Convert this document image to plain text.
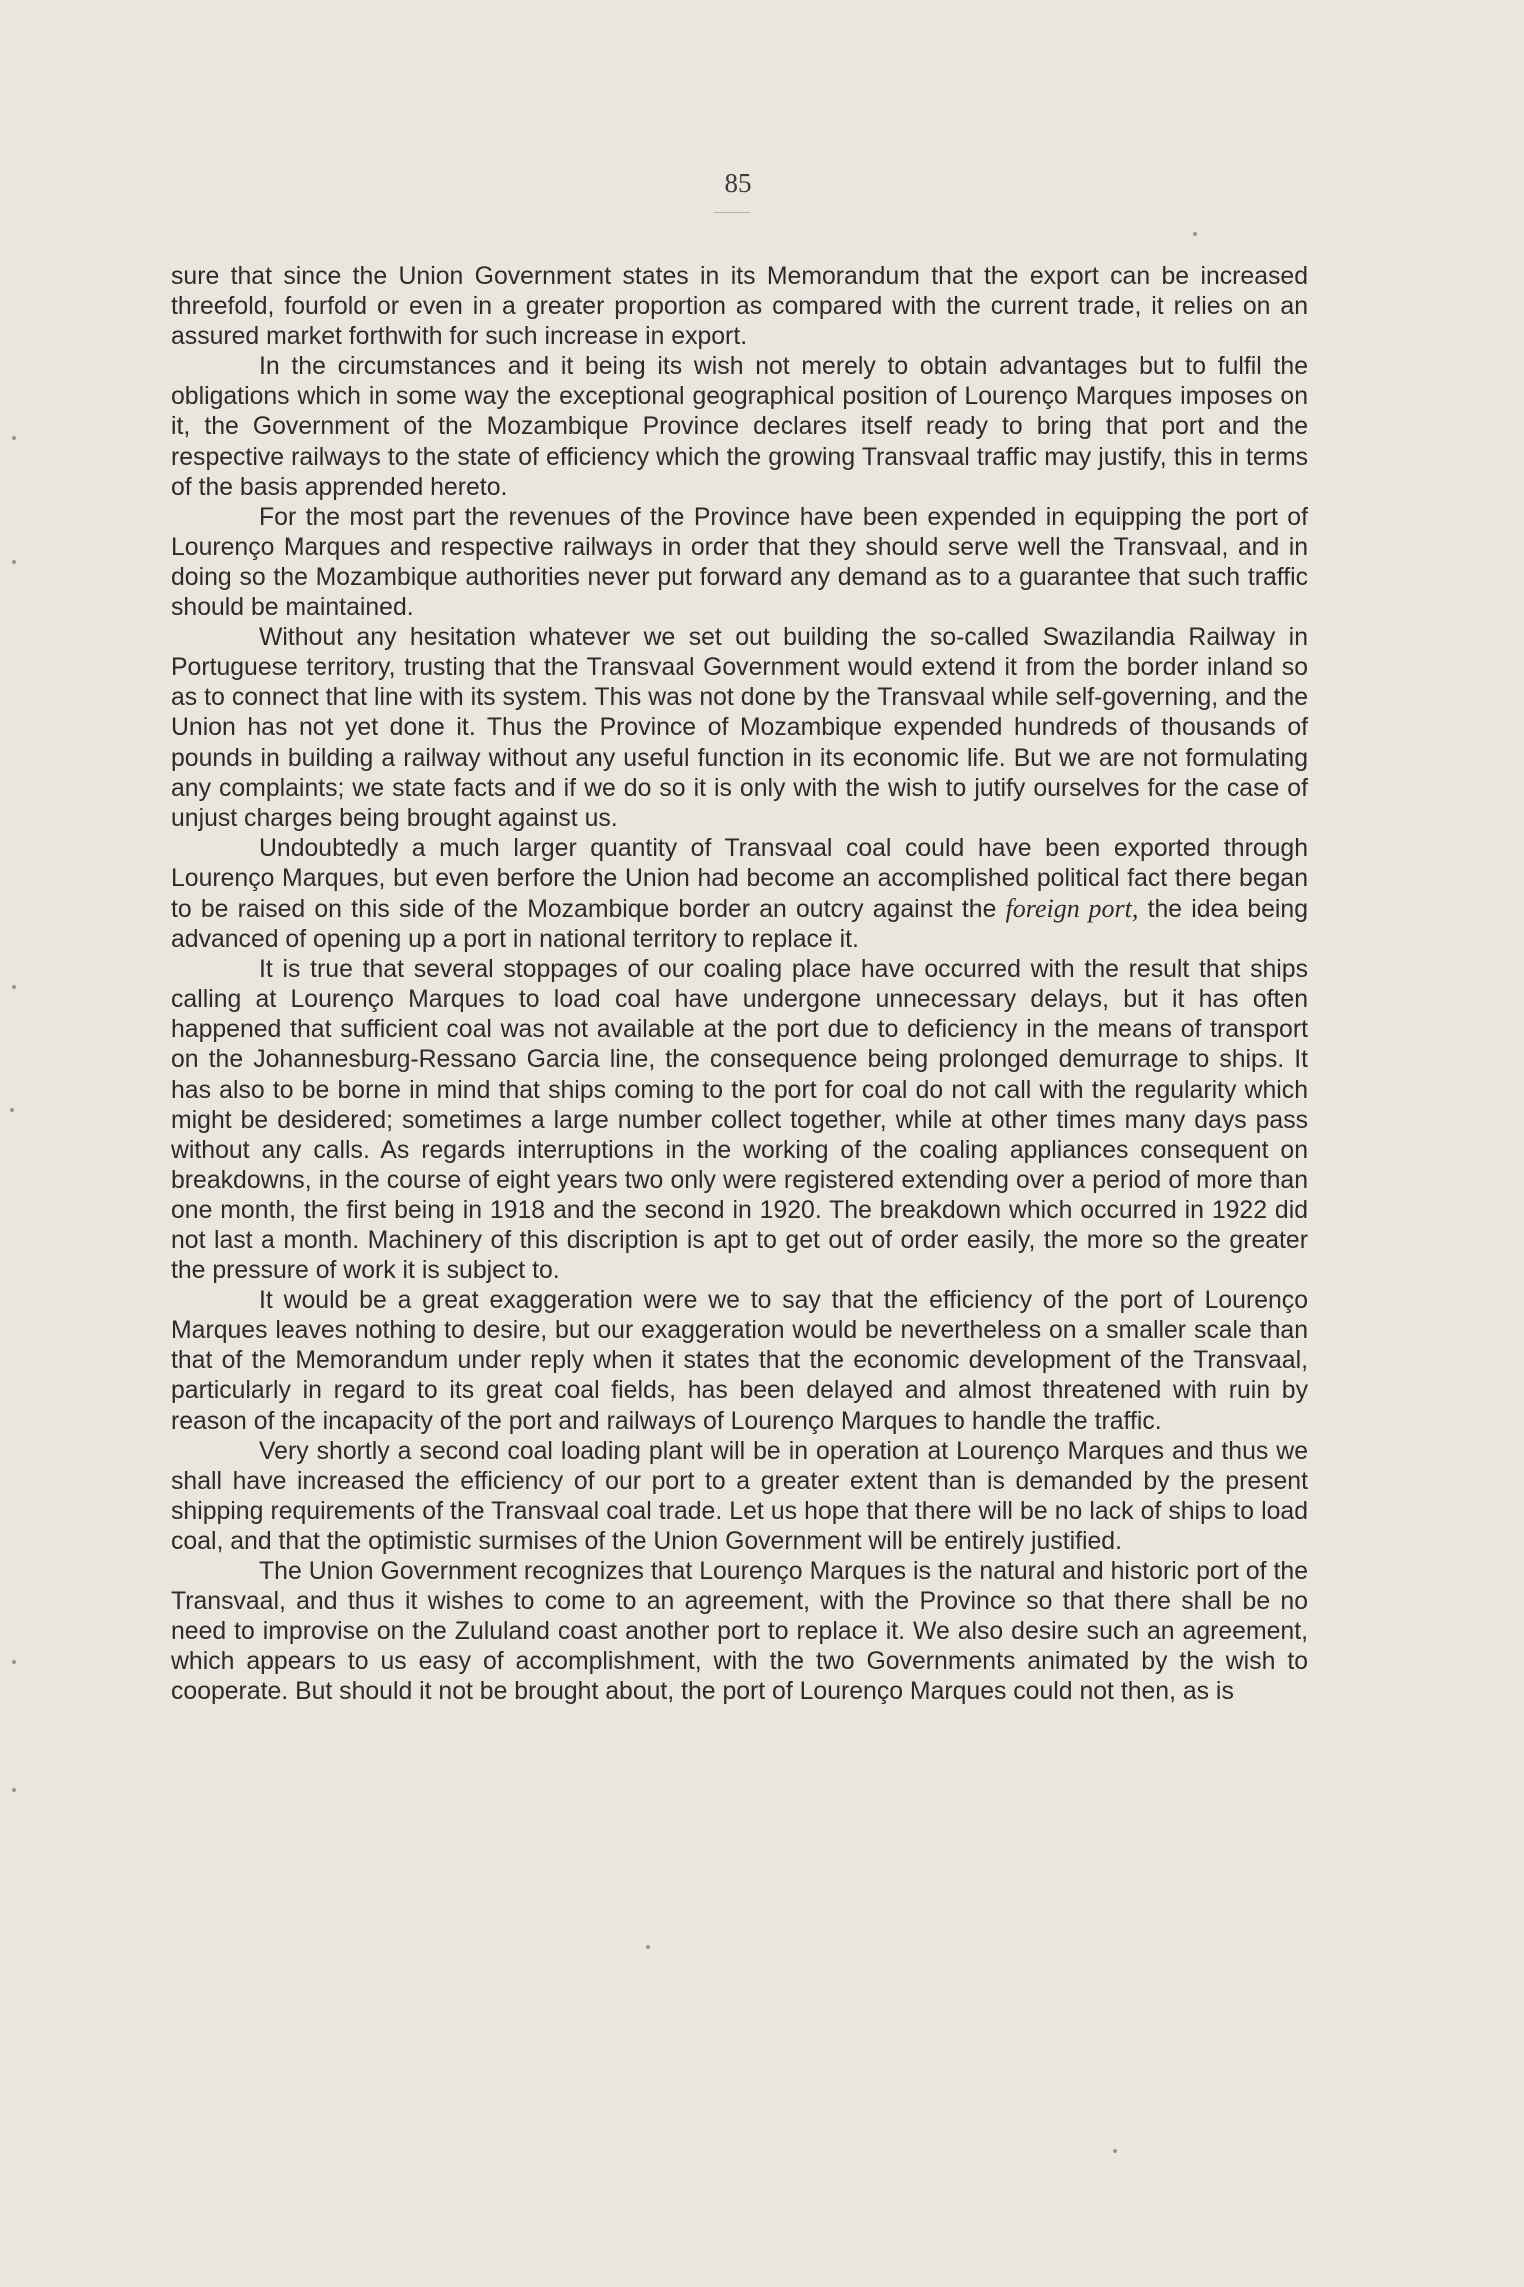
85

sure that since the Union Government states in its Memorandum that the export can be increased threefold, fourfold or even in a greater proportion as compared with the current trade, it relies on an assured market forthwith for such increase in export.

In the circumstances and it being its wish not merely to obtain advantages but to fulfil the obligations which in some way the exceptional geographical position of Lourenço Marques imposes on it, the Government of the Mozambique Province declares itself ready to bring that port and the respective railways to the state of efficiency which the growing Transvaal traffic may justify, this in terms of the basis apprended hereto.

For the most part the revenues of the Province have been expended in equipping the port of Lourenço Marques and respective railways in order that they should serve well the Transvaal, and in doing so the Mozambique authorities never put forward any demand as to a guarantee that such traffic should be maintained.

Without any hesitation whatever we set out building the so-called Swazilandia Railway in Portuguese territory, trusting that the Transvaal Government would extend it from the border inland so as to connect that line with its system. This was not done by the Transvaal while self-governing, and the Union has not yet done it. Thus the Province of Mozambique expended hundreds of thousands of pounds in building a railway without any useful function in its economic life. But we are not formulating any complaints; we state facts and if we do so it is only with the wish to jutify ourselves for the case of unjust charges being brought against us.

Undoubtedly a much larger quantity of Transvaal coal could have been exported through Lourenço Marques, but even berfore the Union had become an accomplished political fact there began to be raised on this side of the Mozambique border an outcry against the foreign port, the idea being advanced of opening up a port in national territory to replace it.

It is true that several stoppages of our coaling place have occurred with the result that ships calling at Lourenço Marques to load coal have undergone unnecessary delays, but it has often happened that sufficient coal was not available at the port due to deficiency in the means of transport on the Johannesburg-Ressano Garcia line, the consequence being prolonged demurrage to ships. It has also to be borne in mind that ships coming to the port for coal do not call with the regularity which might be desidered; sometimes a large number collect together, while at other times many days pass without any calls. As regards interruptions in the working of the coaling appliances consequent on breakdowns, in the course of eight years two only were registered extending over a period of more than one month, the first being in 1918 and the second in 1920. The breakdown which occurred in 1922 did not last a month. Machinery of this discription is apt to get out of order easily, the more so the greater the pressure of work it is subject to.

It would be a great exaggeration were we to say that the efficiency of the port of Lourenço Marques leaves nothing to desire, but our exaggeration would be nevertheless on a smaller scale than that of the Memorandum under reply when it states that the economic development of the Transvaal, particularly in regard to its great coal fields, has been delayed and almost threatened with ruin by reason of the incapacity of the port and railways of Lourenço Marques to handle the traffic.

Very shortly a second coal loading plant will be in operation at Lourenço Marques and thus we shall have increased the efficiency of our port to a greater extent than is demanded by the present shipping requirements of the Transvaal coal trade. Let us hope that there will be no lack of ships to load coal, and that the optimistic surmises of the Union Government will be entirely justified.

The Union Government recognizes that Lourenço Marques is the natural and historic port of the Transvaal, and thus it wishes to come to an agreement, with the Province so that there shall be no need to improvise on the Zululand coast another port to replace it. We also desire such an agreement, which appears to us easy of accomplishment, with the two Governments animated by the wish to cooperate. But should it not be brought about, the port of Lourenço Marques could not then, as is
